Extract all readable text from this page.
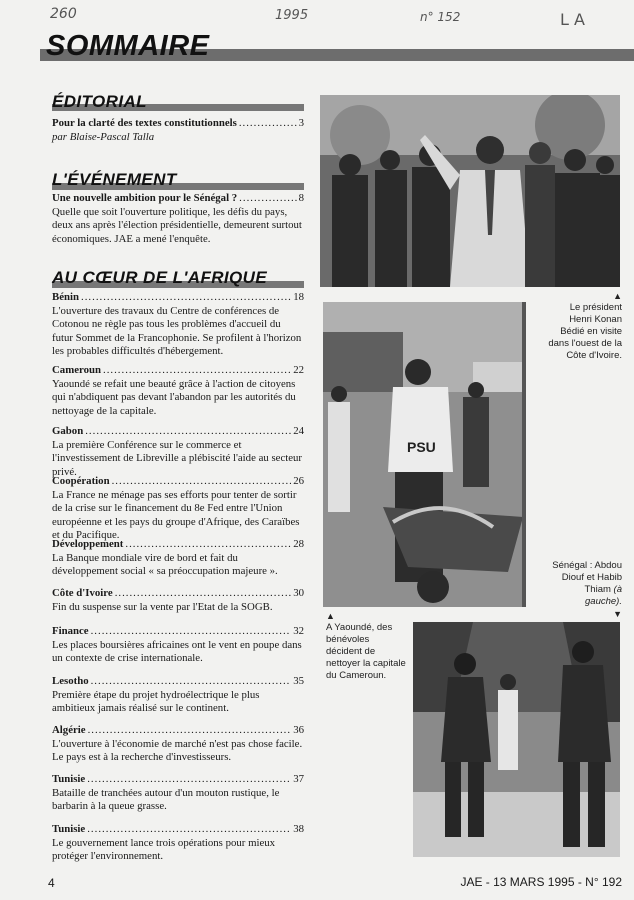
260	1995	n° 152	L A
SOMMAIRE
ÉDITORIAL
Pour la clarté des textes constitutionnels .....	3
par Blaise-Pascal Talla
L'ÉVÉNEMENT
Une nouvelle ambition pour le Sénégal ? .....	8
Quelle que soit l'ouverture politique, les défis du pays, deux ans après l'élection présidentielle, demeurent surtout économiques. JAE a mené l'enquête.
AU CŒUR DE L'AFRIQUE
Bénin .....	18
L'ouverture des travaux du Centre de conférences de Cotonou ne règle pas tous les problèmes d'accueil du futur Sommet de la Francophonie. Se profilent à l'horizon les probables difficultés d'hébergement.
Cameroun .....	22
Yaoundé se refait une beauté grâce à l'action de citoyens qui n'abdiquent pas devant l'abandon par les autorités du nettoyage de la capitale.
Gabon .....	24
La première Conférence sur le commerce et l'investissement de Libreville a plébiscité l'aide au secteur privé.
Coopération .....	26
La France ne ménage pas ses efforts pour tenter de sortir de la crise sur le financement du 8e Fed entre l'Union européenne et les pays du groupe d'Afrique, des Caraïbes et du Pacifique.
Développement .....	28
La Banque mondiale vire de bord et fait du développement social « sa préoccupation majeure ».
Côte d'Ivoire .....	30
Fin du suspense sur la vente par l'Etat de la SOGB.
Finance .....	32
Les places boursières africaines ont le vent en poupe dans un contexte de crise internationale.
Lesotho .....	35
Première étape du projet hydroélectrique le plus ambitieux jamais réalisé sur le continent.
Algérie .....	36
L'ouverture à l'économie de marché n'est pas chose facile. Le pays est à la recherche d'investisseurs.
Tunisie .....	37
Bataille de tranchées autour d'un mouton rustique, le barbarin à la queue grasse.
Tunisie .....	38
Le gouvernement lance trois opérations pour mieux protéger l'environnement.
▲
Le président Henri Konan Bédié en visite dans l'ouest de la Côte d'Ivoire.
PSU
▲
A Yaoundé, des bénévoles décident de nettoyer la capitale du Cameroun.
Sénégal : Abdou Diouf et Habib Thiam (à gauche).
▼
4	JAE - 13 MARS 1995 - N° 192
